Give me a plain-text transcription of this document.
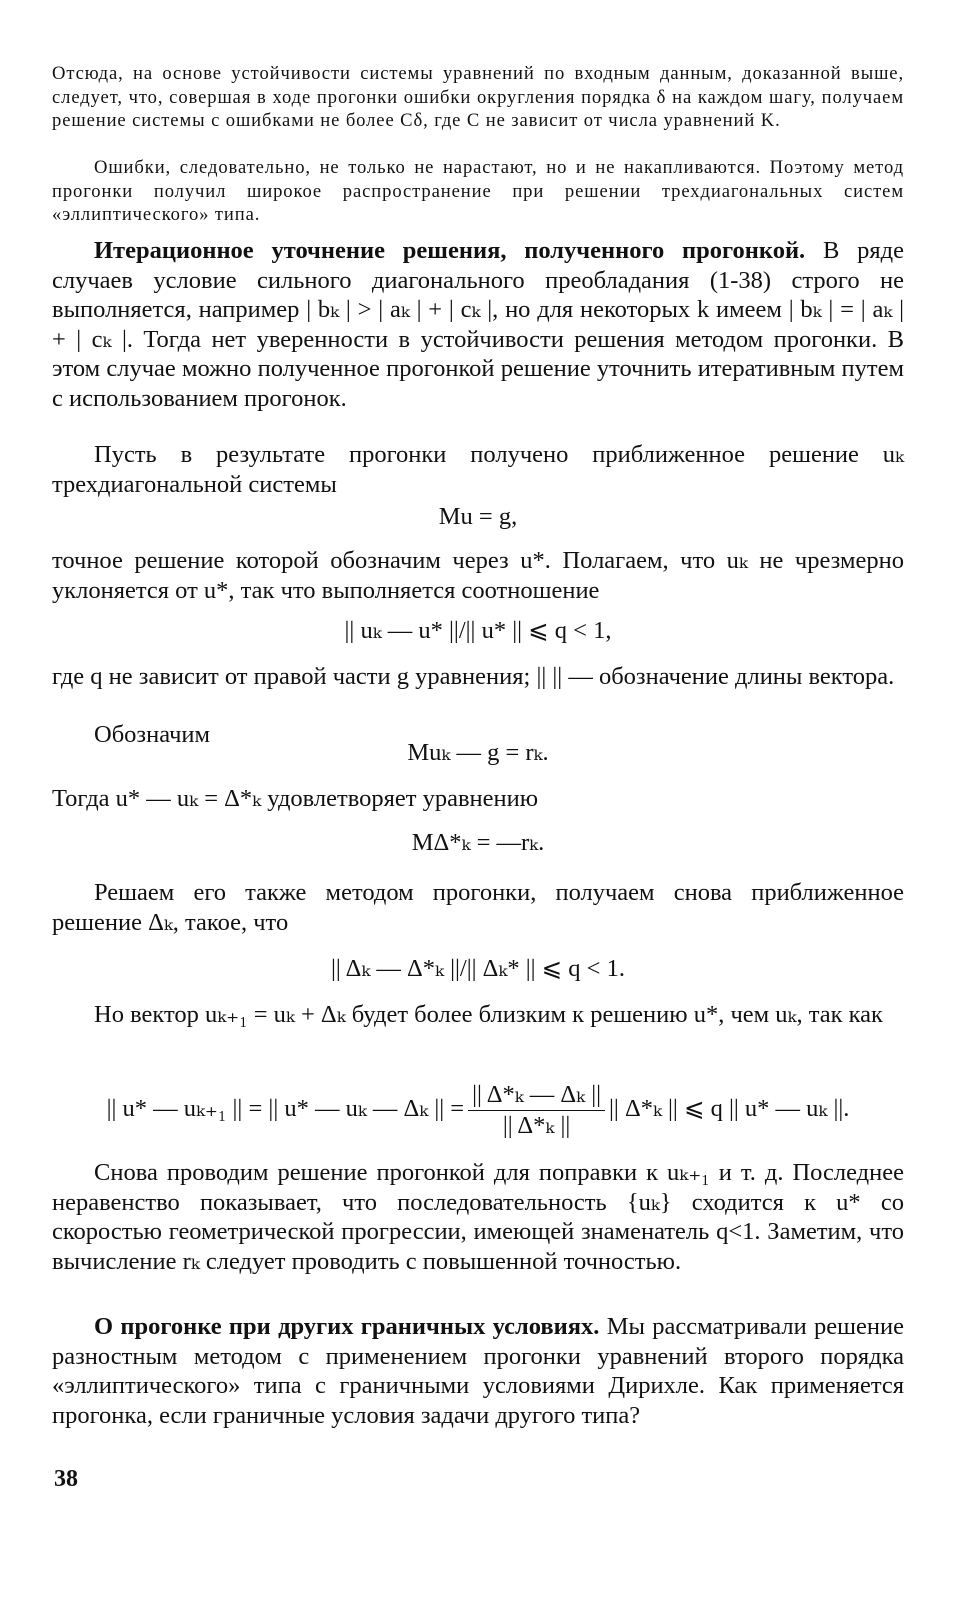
Отсюда, на основе устойчивости системы уравнений по входным данным, доказанной выше, следует, что, совершая в ходе прогонки ошибки округления порядка δ на каждом шагу, получаем решение системы с ошибками не более Cδ, где C не зависит от числа уравнений K.
Ошибки, следовательно, не только не нарастают, но и не накапливаются. Поэтому метод прогонки получил широкое распространение при решении трехдиагональных систем «эллиптического» типа.
Итерационное уточнение решения, полученного прогонкой. В ряде случаев условие сильного диагонального преобладания (1-38) строго не выполняется, например | bₖ | > | aₖ | + | cₖ |, но для некоторых k имеем | bₖ | = | aₖ | + | cₖ |. Тогда нет уверенности в устойчивости решения методом прогонки. В этом случае можно полученное прогонкой решение уточнить итеративным путем с использованием прогонок.
Пусть в результате прогонки получено приближенное решение uₖ трехдиагональной системы
Mu = g,
точное решение которой обозначим через u*. Полагаем, что uₖ не чрезмерно уклоняется от u*, так что выполняется соотношение
|| uₖ — u* ||/|| u* || ⩽ q < 1,
где q не зависит от правой части g уравнения; || || — обозначение длины вектора.
Обозначим
Muₖ — g = rₖ.
Тогда u* — uₖ = Δ*ₖ удовлетворяет уравнению
MΔ*ₖ = —rₖ.
Решаем его также методом прогонки, получаем снова приближенное решение Δₖ, такое, что
|| Δₖ — Δ*ₖ ||/|| Δₖ* || ⩽ q < 1.
Но вектор uₖ₊₁ = uₖ + Δₖ будет более близким к решению u*, чем uₖ, так как
|| u* — uₖ₊₁ || = || u* — uₖ — Δₖ || = $\frac{\text{|| Δ*ₖ — Δₖ ||}}{\text{|| Δ*ₖ ||}}$ || Δ*ₖ || ⩽ q || u* — uₖ ||.
Снова проводим решение прогонкой для поправки к uₖ₊₁ и т. д. Последнее неравенство показывает, что последовательность {uₖ} сходится к u* со скоростью геометрической прогрессии, имеющей знаменатель q<1. Заметим, что вычисление rₖ следует проводить с повышенной точностью.
О прогонке при других граничных условиях. Мы рассматривали решение разностным методом с применением прогонки уравнений второго порядка «эллиптического» типа с граничными условиями Дирихле. Как применяется прогонка, если граничные условия задачи другого типа?
38
